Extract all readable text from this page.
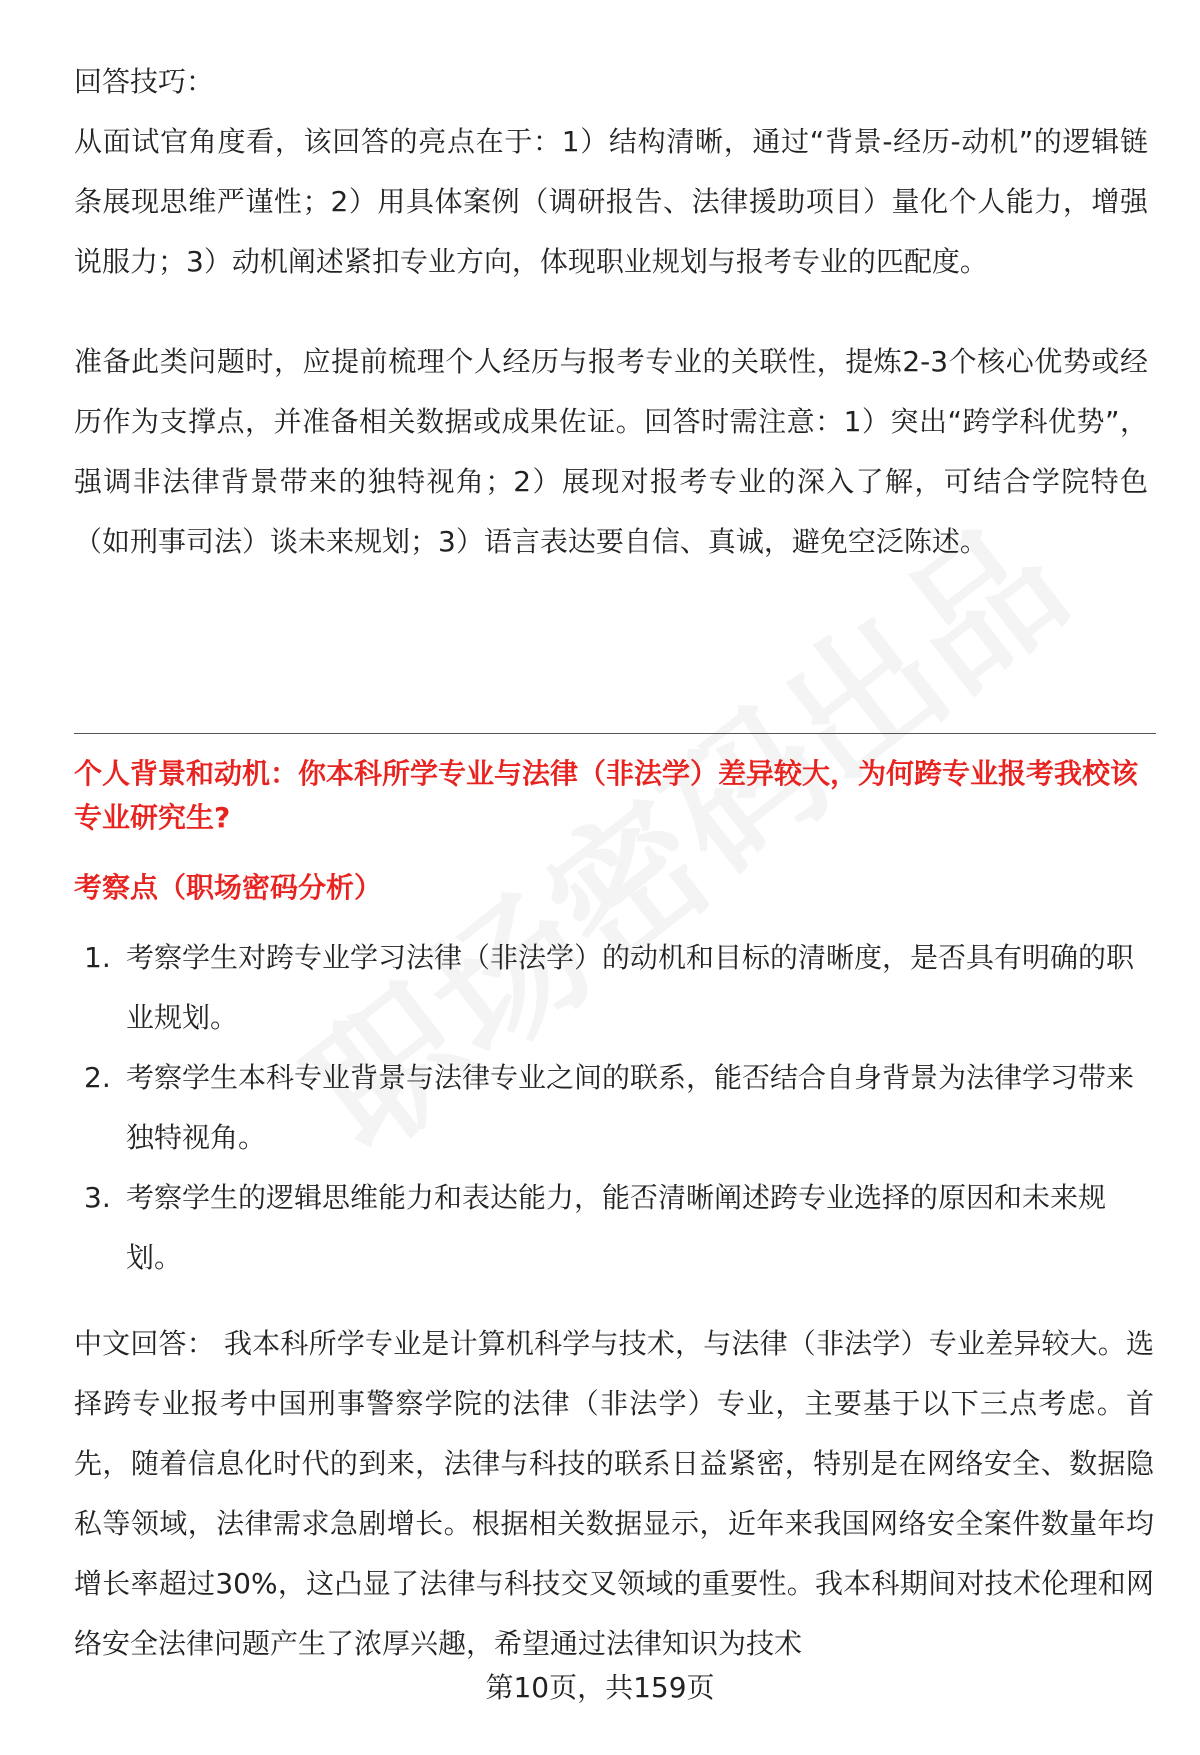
回答技巧：

从面试官角度看，该回答的亮点在于：1）结构清晰，通过“背景-经历-动机”的逻辑链条展现思维严谨性；2）用具体案例（调研报告、法律援助项目）量化个人能力，增强说服力；3）动机阐述紧扣专业方向，体现职业规划与报考专业的匹配度。

准备此类问题时，应提前梳理个人经历与报考专业的关联性，提炼2-3个核心优势或经历作为支撑点，并准备相关数据或成果佐证。回答时需注意：1）突出“跨学科优势”，强调非法律背景带来的独特视角；2）展现对报考专业的深入了解，可结合学院特色（如刑事司法）谈未来规划；3）语言表达要自信、真诚，避免空泛陈述。

个人背景和动机：你本科所学专业与法律（非法学）差异较大，为何跨专业报考我校该专业研究生?

考察点（职场密码分析）

1. 考察学生对跨专业学习法律（非法学）的动机和目标的清晰度，是否具有明确的职业规划。
2. 考察学生本科专业背景与法律专业之间的联系，能否结合自身背景为法律学习带来独特视角。
3. 考察学生的逻辑思维能力和表达能力，能否清晰阐述跨专业选择的原因和未来规划。

中文回答： 我本科所学专业是计算机科学与技术，与法律（非法学）专业差异较大。选择跨专业报考中国刑事警察学院的法律（非法学）专业，主要基于以下三点考虑。首先，随着信息化时代的到来，法律与科技的联系日益紧密，特别是在网络安全、数据隐私等领域，法律需求急剧增长。根据相关数据显示，近年来我国网络安全案件数量年均增长率超过30%，这凸显了法律与科技交叉领域的重要性。我本科期间对技术伦理和网络安全法律问题产生了浓厚兴趣，希望通过法律知识为技术

第10页，共159页
